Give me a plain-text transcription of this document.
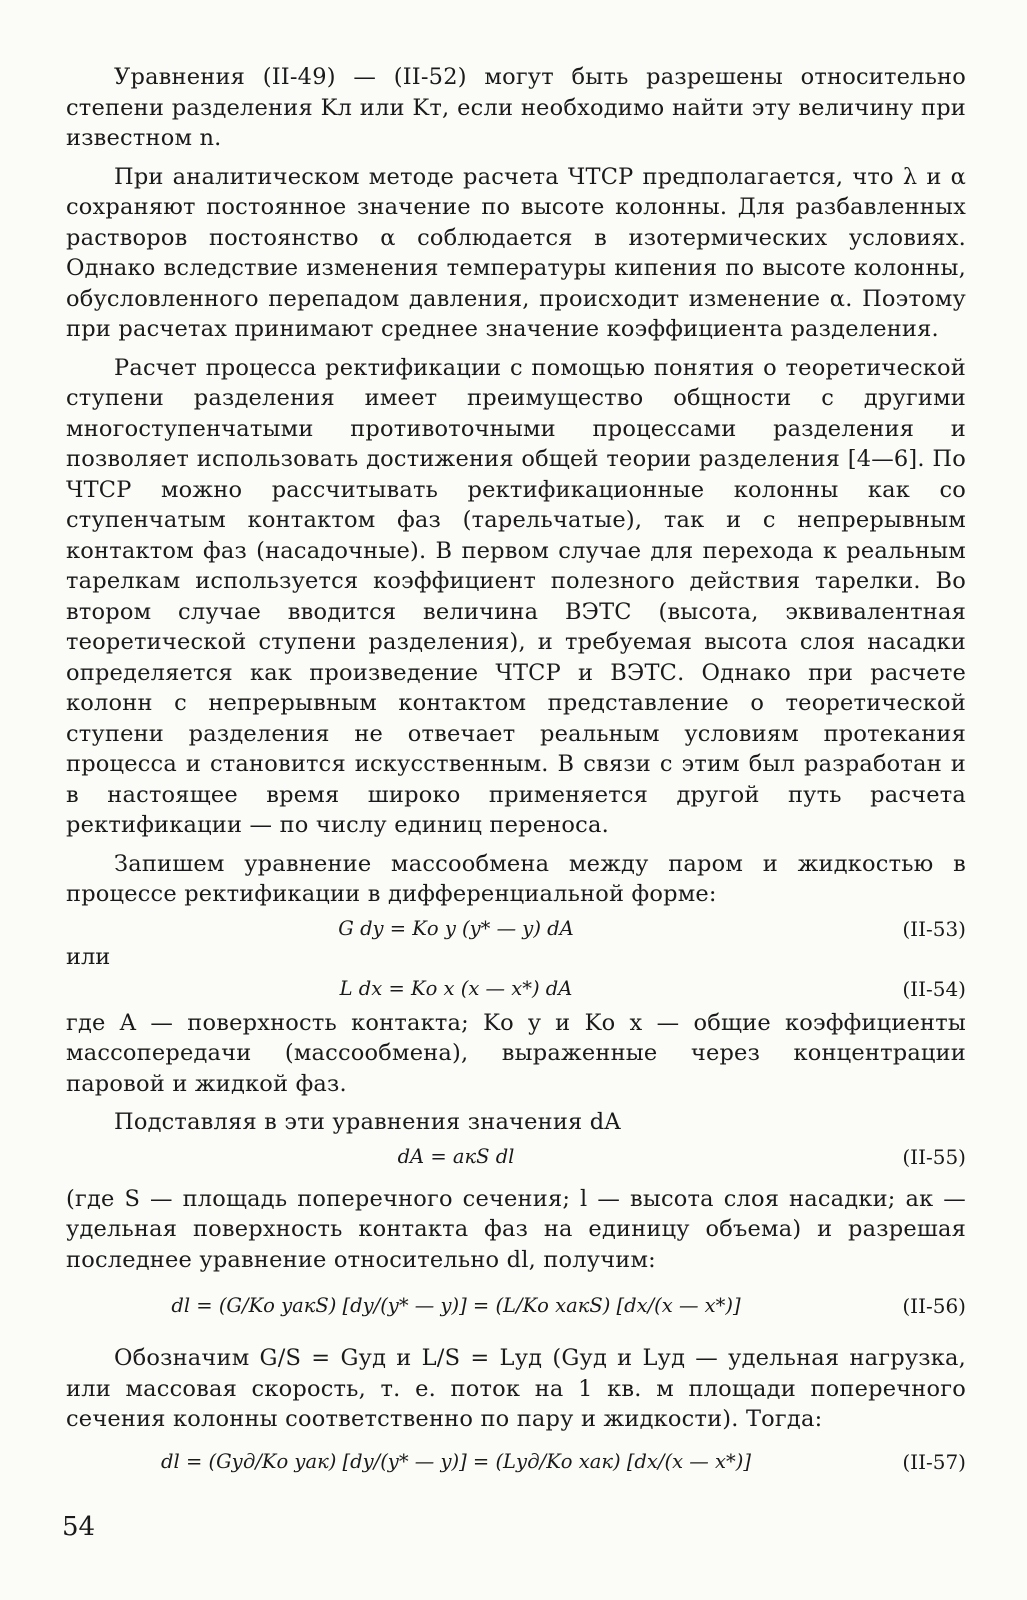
Уравнения (II-49) — (II-52) могут быть разрешены относительно степени разделения Kл или Kт, если необходимо найти эту величину при известном n.

При аналитическом методе расчета ЧТСР предполагается, что λ и α сохраняют постоянное значение по высоте колонны. Для разбавленных растворов постоянство α соблюдается в изотермических условиях. Однако вследствие изменения температуры кипения по высоте колонны, обусловленного перепадом давления, происходит изменение α. Поэтому при расчетах принимают среднее значение коэффициента разделения.

Расчет процесса ректификации с помощью понятия о теоретической ступени разделения имеет преимущество общности с другими многоступенчатыми противоточными процессами разделения и позволяет использовать достижения общей теории разделения [4—6]. По ЧТСР можно рассчитывать ректификационные колонны как со ступенчатым контактом фаз (тарельчатые), так и с непрерывным контактом фаз (насадочные). В первом случае для перехода к реальным тарелкам используется коэффициент полезного действия тарелки. Во втором случае вводится величина ВЭТС (высота, эквивалентная теоретической ступени разделения), и требуемая высота слоя насадки определяется как произведение ЧТСР и ВЭТС. Однако при расчете колонн с непрерывным контактом представление о теоретической ступени разделения не отвечает реальным условиям протекания процесса и становится искусственным. В связи с этим был разработан и в настоящее время широко применяется другой путь расчета ректификации — по числу единиц переноса.

Запишем уравнение массообмена между паром и жидкостью в процессе ректификации в дифференциальной форме:

G dy = Kо y (y* — y) dA	(II-53)

или

L dx = Kо x (x — x*) dA	(II-54)

где A — поверхность контакта; Kо y и Kо x — общие коэффициенты массопередачи (массообмена), выраженные через концентрации паровой и жидкой фаз.

Подставляя в эти уравнения значения dA

dA = aкS dl	(II-55)

(где S — площадь поперечного сечения; l — высота слоя насадки; aк — удельная поверхность контакта фаз на единицу объема) и разрешая последнее уравнение относительно dl, получим:

dl = (G/Kо yaкS) [dy/(y* — y)] = (L/Kо xaкS) [dx/(x — x*)]	(II-56)

Обозначим G/S = Gуд и L/S = Lуд (Gуд и Lуд — удельная нагрузка, или массовая скорость, т. е. поток на 1 кв. м площади поперечного сечения колонны соответственно по пару и жидкости). Тогда:

dl = (Gуд/Kо yaк) [dy/(y* — y)] = (Lуд/Kо xaк) [dx/(x — x*)]	(II-57)
54
